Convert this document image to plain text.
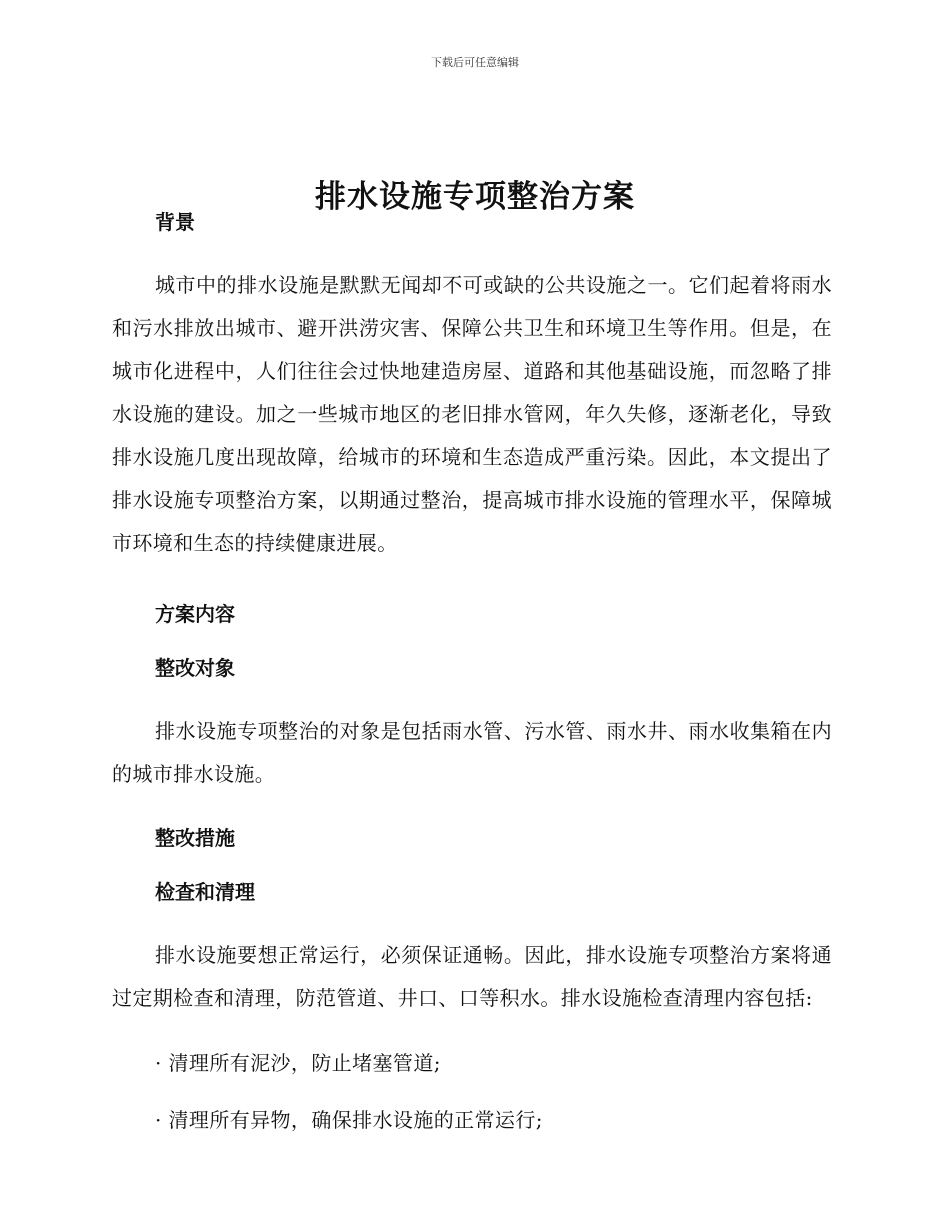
下载后可任意编辑
排水设施专项整治方案
背景

城市中的排水设施是默默无闻却不可或缺的公共设施之一。它们起着将雨水和污水排放出城市、避开洪涝灾害、保障公共卫生和环境卫生等作用。但是，在城市化进程中，人们往往会过快地建造房屋、道路和其他基础设施，而忽略了排水设施的建设。加之一些城市地区的老旧排水管网，年久失修，逐渐老化，导致排水设施几度出现故障，给城市的环境和生态造成严重污染。因此，本文提出了排水设施专项整治方案，以期通过整治，提高城市排水设施的管理水平，保障城市环境和生态的持续健康进展。

方案内容
整改对象

排水设施专项整治的对象是包括雨水管、污水管、雨水井、雨水收集箱在内的城市排水设施。

整改措施
检查和清理

排水设施要想正常运行，必须保证通畅。因此，排水设施专项整治方案将通过定期检查和清理，防范管道、井口、口等积水。排水设施检查清理内容包括:

· 清理所有泥沙，防止堵塞管道;

· 清理所有异物，确保排水设施的正常运行;
